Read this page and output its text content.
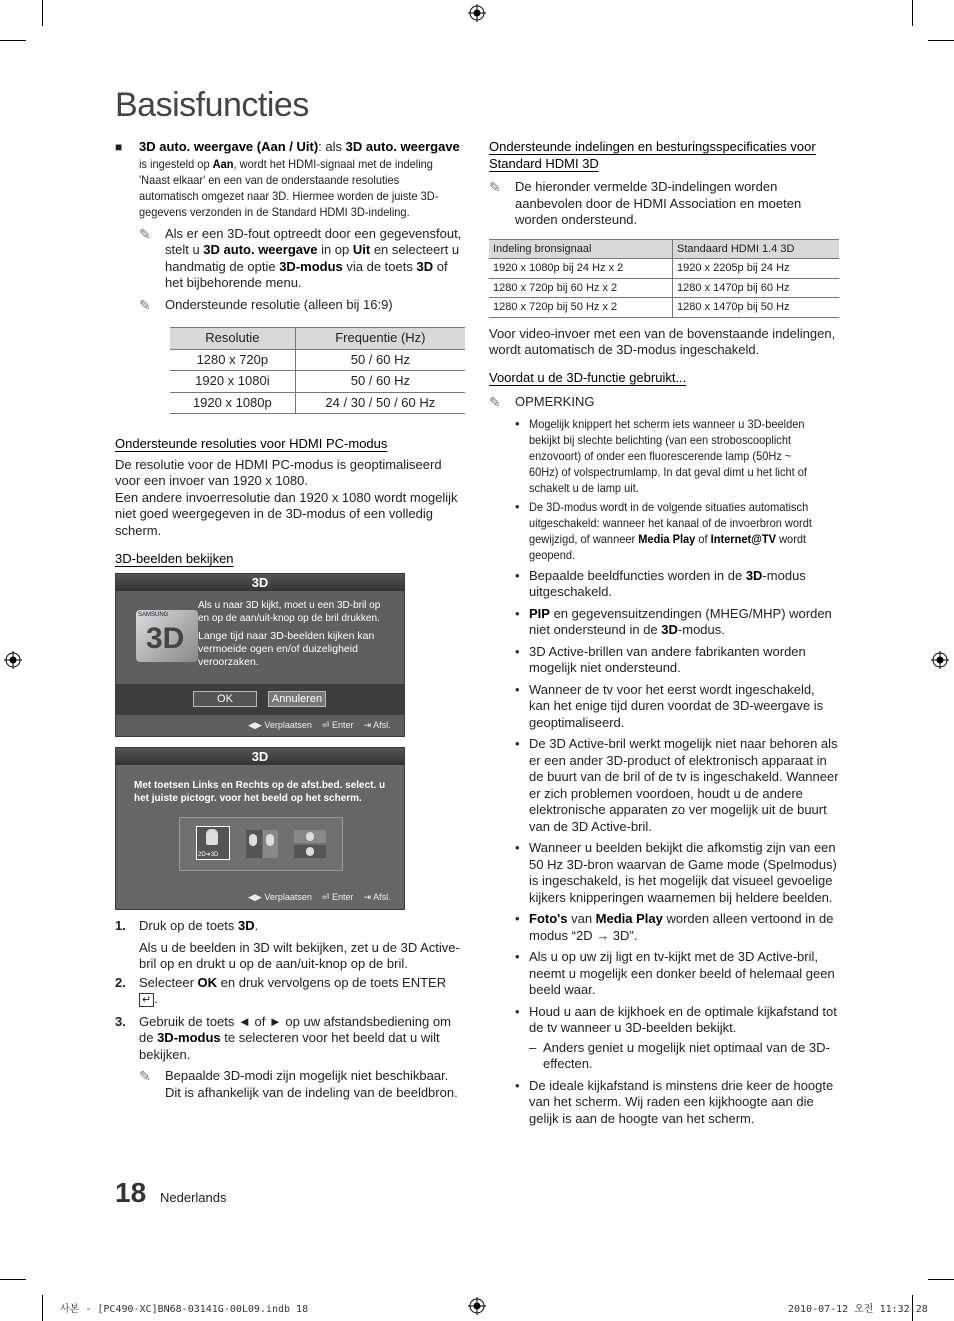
Basisfuncties
■ 3D auto. weergave (Aan / Uit): als 3D auto. weergave

is ingesteld op Aan, wordt het HDMI-signaal met de indeling 'Naast elkaar' en een van de onderstaande resoluties automatisch omgezet naar 3D. Hiermee worden de juiste 3D-gegevens verzonden in de Standard HDMI 3D-indeling.

✎ Als er een 3D-fout optreedt door een gegevensfout, stelt u 3D auto. weergave in op Uit en selecteert u handmatig de optie 3D-modus via de toets 3D of het bijbehorende menu.

✎ Ondersteunde resolutie (alleen bij 16:9)

Resolutie	Frequentie (Hz)
1280 x 720p	50 / 60 Hz
1920 x 1080i	50 / 60 Hz
1920 x 1080p	24 / 30 / 50 / 60 Hz

Ondersteunde resoluties voor HDMI PC-modus

De resolutie voor de HDMI PC-modus is geoptimaliseerd voor een invoer van 1920 x 1080.

Een andere invoerresolutie dan 1920 x 1080 wordt mogelijk niet goed weergegeven in de 3D-modus of een volledig scherm.

3D-beelden bekijken

3D
SAMSUNG
3D
Als u naar 3D kijkt, moet u een 3D-bril op en op de aan/uit-knop op de bril drukken.
Lange tijd naar 3D-beelden kijken kan vermoeide ogen en/of duizeligheid veroorzaken.
OK	Annuleren
◀▶ Verplaatsen ⏎ Enter ⇥ Afsl.
3D
Met toetsen Links en Rechts op de afst.bed. select. u het juiste pictogr. voor het beeld op het scherm.
2D➔3D
◀▶ Verplaatsen ⏎ Enter ⇥ Afsl.
1. Druk op de toets 3D.

Als u de beelden in 3D wilt bekijken, zet u de 3D Active-bril op en drukt u op de aan/uit-knop op de bril.

2. Selecteer OK en druk vervolgens op de toets ENTER ↵ .

3. Gebruik de toets ◄ of ► op uw afstandsbediening om de 3D-modus te selecteren voor het beeld dat u wilt bekijken.

✎ Bepaalde 3D-modi zijn mogelijk niet beschikbaar. Dit is afhankelijk van de indeling van de beeldbron.

Ondersteunde indelingen en besturingsspecificaties voor Standard HDMI 3D

✎ De hieronder vermelde 3D-indelingen worden aanbevolen door de HDMI Association en moeten worden ondersteund.

Indeling bronsignaal	Standaard HDMI 1.4 3D
1920 x 1080p bij 24 Hz x 2	1920 x 2205p bij 24 Hz
1280 x 720p bij 60 Hz x 2	1280 x 1470p bij 60 Hz
1280 x 720p bij 50 Hz x 2	1280 x 1470p bij 50 Hz

Voor video-invoer met een van de bovenstaande indelingen, wordt automatisch de 3D-modus ingeschakeld.

Voordat u de 3D-functie gebruikt...

✎ OPMERKING

• Mogelijk knippert het scherm iets wanneer u 3D-beelden bekijkt bij slechte belichting (van een stroboscooplicht enzovoort) of onder een fluorescerende lamp (50Hz ~ 60Hz) of volspectrumlamp. In dat geval dimt u het licht of schakelt u de lamp uit.

• De 3D-modus wordt in de volgende situaties automatisch uitgeschakeld: wanneer het kanaal of de invoerbron wordt gewijzigd, of wanneer Media Play of Internet@TV wordt geopend.

• Bepaalde beeldfuncties worden in de 3D-modus uitgeschakeld.

• PIP en gegevensuitzendingen (MHEG/MHP) worden niet ondersteund in de 3D-modus.

• 3D Active-brillen van andere fabrikanten worden mogelijk niet ondersteund.

• Wanneer de tv voor het eerst wordt ingeschakeld, kan het enige tijd duren voordat de 3D-weergave is geoptimaliseerd.

• De 3D Active-bril werkt mogelijk niet naar behoren als er een ander 3D-product of elektronisch apparaat in de buurt van de bril of de tv is ingeschakeld. Wanneer er zich problemen voordoen, houdt u de andere elektronische apparaten zo ver mogelijk uit de buurt van de 3D Active-bril.

• Wanneer u beelden bekijkt die afkomstig zijn van een 50 Hz 3D-bron waarvan de Game mode (Spelmodus) is ingeschakeld, is het mogelijk dat visueel gevoelige kijkers knipperingen waarnemen bij heldere beelden.

• Foto's van Media Play worden alleen vertoond in de modus “2D → 3D”.

• Als u op uw zij ligt en tv-kijkt met de 3D Active-bril, neemt u mogelijk een donker beeld of helemaal geen beeld waar.

• Houd u aan de kijkhoek en de optimale kijkafstand tot de tv wanneer u 3D-beelden bekijkt.

– Anders geniet u mogelijk niet optimaal van de 3D-effecten.

• De ideale kijkafstand is minstens drie keer de hoogte van het scherm. Wij raden een kijkhoogte aan die gelijk is aan de hoogte van het scherm.

18 Nederlands
사본 - [PC490-XC]BN68-03141G-00L09.indb 18	2010-07-12 오전 11:32:28
